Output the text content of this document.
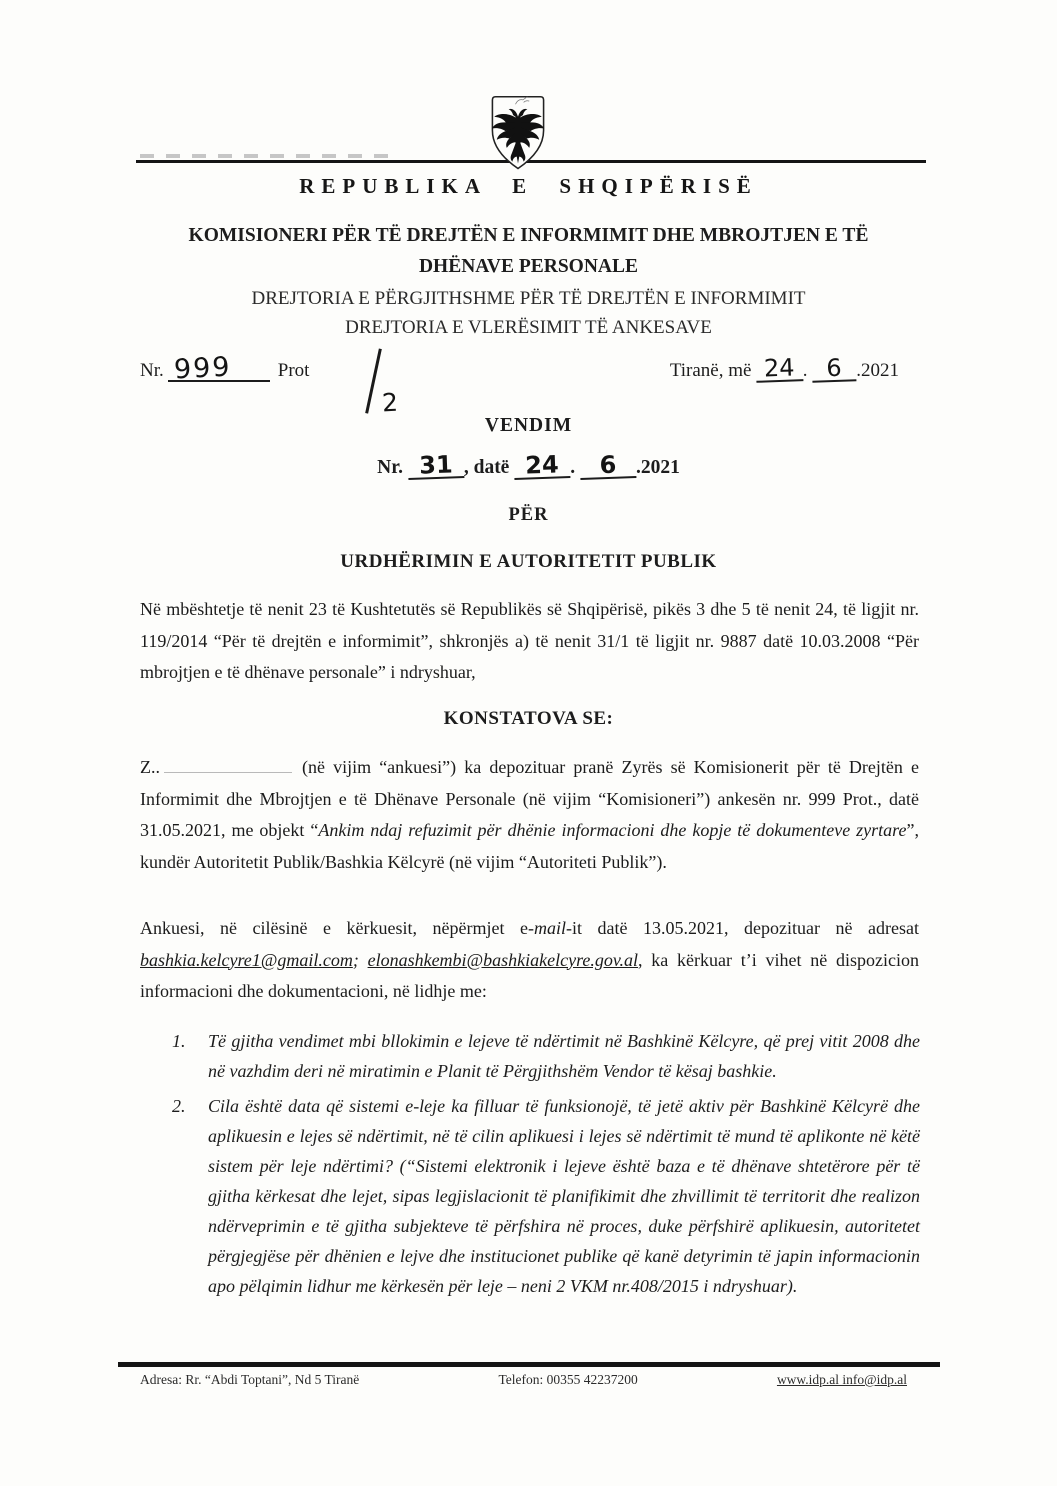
REPUBLIKA E SHQIPËRISË
KOMISIONERI PËR TË DREJTËN E INFORMIMIT DHE MBROJTJEN E TË
DHËNAVE PERSONALE
DREJTORIA E PËRGJITHSHME PËR TË DREJTËN E INFORMIMIT
DREJTORIA E VLERËSIMIT TË ANKESAVE
Nr. 999 Prot
2
Tiranë, më 24 . 6 .2021
VENDIM
Nr. 31 , datë 24 . 6 .2021
PËR
URDHËRIMIN E AUTORITETIT PUBLIK
Në mbështetje të nenit 23 të Kushtetutës së Republikës së Shqipërisë, pikës 3 dhe 5 të nenit 24, të ligjit nr. 119/2014 “Për të drejtën e informimit”, shkronjës a) të nenit 31/1 të ligjit nr. 9887 datë 10.03.2008 “Për mbrojtjen e të dhënave personale” i ndryshuar,
KONSTATOVA SE:
Z..	(në vijim “ankuesi”) ka depozituar pranë Zyrës së Komisionerit për të Drejtën e Informimit dhe Mbrojtjen e të Dhënave Personale (në vijim “Komisioneri”) ankesën nr. 999 Prot., datë 31.05.2021, me objekt “Ankim ndaj refuzimit për dhënie informacioni dhe kopje të dokumenteve zyrtare”, kundër Autoritetit Publik/Bashkia Këlcyrë (në vijim “Autoriteti Publik”).
Ankuesi, në cilësinë e kërkuesit, nëpërmjet e-mail-it datë 13.05.2021, depozituar në adresat bashkia.kelcyre1@gmail.com; elonashkembi@bashkiakelcyre.gov.al, ka kërkuar t’i vihet në dispozicion informacioni dhe dokumentacioni, në lidhje me:
1.	Të gjitha vendimet mbi bllokimin e lejeve të ndërtimit në Bashkinë Këlcyre, që prej vitit 2008 dhe në vazhdim deri në miratimin e Planit të Përgjithshëm Vendor të kësaj bashkie.
2.	Cila është data që sistemi e-leje ka filluar të funksionojë, të jetë aktiv për Bashkinë Këlcyrë dhe aplikuesin e lejes së ndërtimit, në të cilin aplikuesi i lejes së ndërtimit të mund të aplikonte në këtë sistem për leje ndërtimi? (“Sistemi elektronik i lejeve është baza e të dhënave shtetërore për të gjitha kërkesat dhe lejet, sipas legjislacionit të planifikimit dhe zhvillimit të territorit dhe realizon ndërveprimin e të gjitha subjekteve të përfshira në proces, duke përfshirë aplikuesin, autoritetet përgjegjëse për dhënien e lejve dhe institucionet publike që kanë detyrimin të japin informacionin apo pëlqimin lidhur me kërkesën për leje – neni 2 VKM nr.408/2015 i ndryshuar).
Adresa: Rr. “Abdi Toptani”, Nd 5 Tiranë	Telefon: 00355 42237200	www.idp.al info@idp.al
